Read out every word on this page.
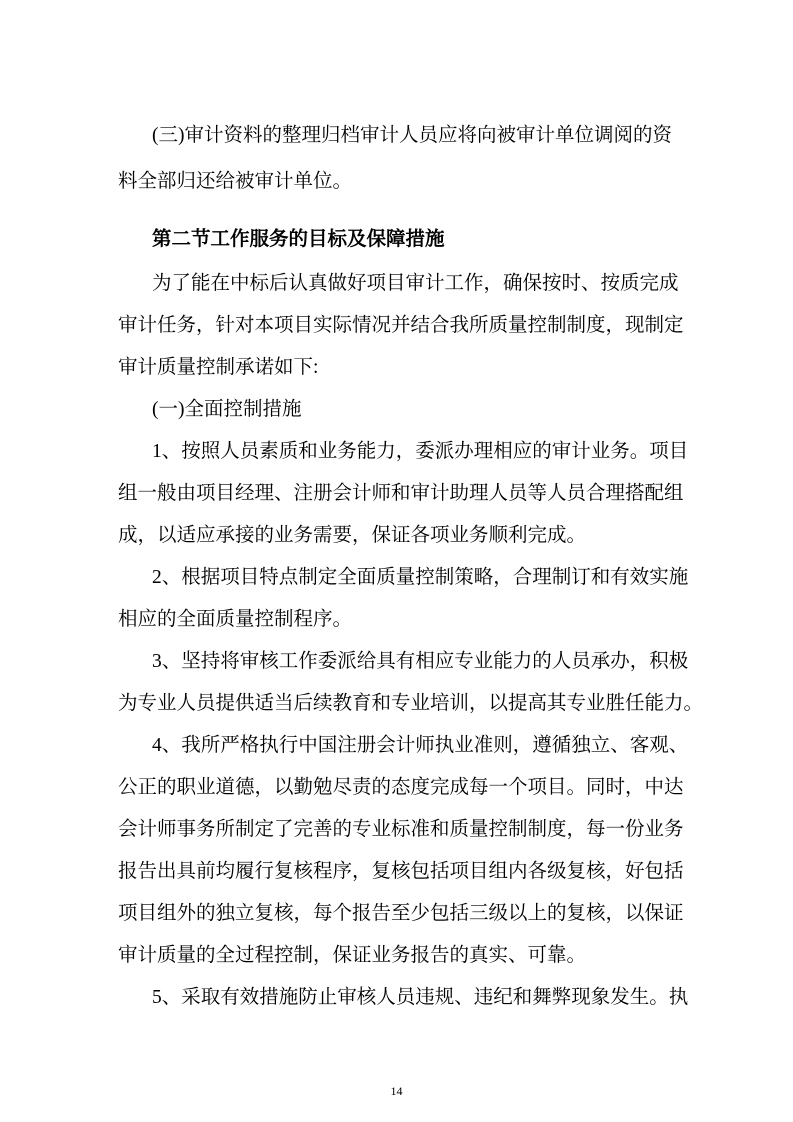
(三)审计资料的整理归档审计人员应将向被审计单位调阅的资
料全部归还给被审计单位。
第二节工作服务的目标及保障措施
为了能在中标后认真做好项目审计工作，确保按时、按质完成
审计任务，针对本项目实际情况并结合我所质量控制制度，现制定
审计质量控制承诺如下:
(一)全面控制措施
1、按照人员素质和业务能力，委派办理相应的审计业务。项目
组一般由项目经理、注册会计师和审计助理人员等人员合理搭配组
成，以适应承接的业务需要，保证各项业务顺利完成。
2、根据项目特点制定全面质量控制策略，合理制订和有效实施
相应的全面质量控制程序。
3、坚持将审核工作委派给具有相应专业能力的人员承办，积极
为专业人员提供适当后续教育和专业培训，以提高其专业胜任能力。
4、我所严格执行中国注册会计师执业准则，遵循独立、客观、
公正的职业道德，以勤勉尽责的态度完成每一个项目。同时，中达
会计师事务所制定了完善的专业标准和质量控制制度，每一份业务
报告出具前均履行复核程序，复核包括项目组内各级复核，好包括
项目组外的独立复核，每个报告至少包括三级以上的复核，以保证
审计质量的全过程控制，保证业务报告的真实、可靠。
5、采取有效措施防止审核人员违规、违纪和舞弊现象发生。执
14
